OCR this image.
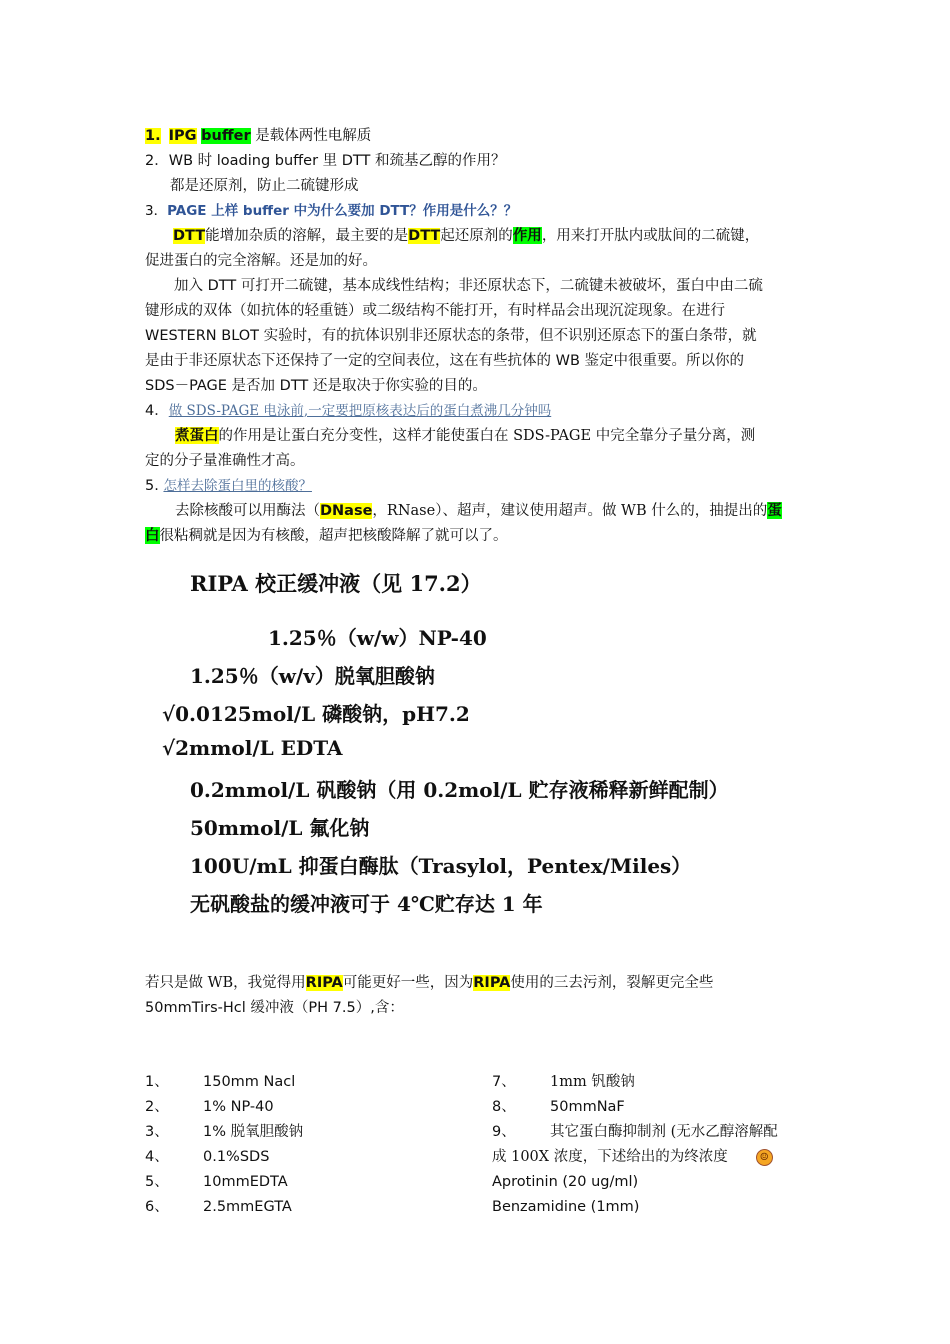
1. IPG buffer 是载体两性电解质
2．WB 时 loading buffer 里 DTT 和巯基乙醇的作用？
都是还原剂，防止二硫键形成
3．PAGE 上样 buffer 中为什么要加 DTT？作用是什么？？
DTT能增加杂质的溶解，最主要的是DTT起还原剂的作用，用来打开肽内或肽间的二硫键，
促进蛋白的完全溶解。还是加的好。
加入 DTT 可打开二硫键，基本成线性结构；非还原状态下，二硫键未被破坏，蛋白中由二硫
键形成的双体（如抗体的轻重链）或二级结构不能打开，有时样品会出现沉淀现象。在进行
WESTERN BLOT 实验时，有的抗体识别非还原状态的条带，但不识别还原态下的蛋白条带，就
是由于非还原状态下还保持了一定的空间表位，这在有些抗体的 WB 鉴定中很重要。所以你的
SDS－PAGE 是否加 DTT 还是取决于你实验的目的。
4．做 SDS-PAGE 电泳前,一定要把原核表达后的蛋白煮沸几分钟吗
煮蛋白的作用是让蛋白充分变性，这样才能使蛋白在 SDS-PAGE 中完全靠分子量分离，测
定的分子量准确性才高。
5. 怎样去除蛋白里的核酸？
去除核酸可以用酶法（DNase，RNase）、超声，建议使用超声。做 WB 什么的，抽提出的蛋
白很粘稠就是因为有核酸，超声把核酸降解了就可以了。
RIPA 校正缓冲液（见 17.2）
1.25％（w/w）NP-40
1.25％（w/v）脱氧胆酸钠
√0.0125mol/L 磷酸钠，pH7.2
√2mmol/L EDTA
0.2mmol/L 矾酸钠（用 0.2mol/L 贮存液稀释新鲜配制）
50mmol/L 氟化钠
100U/mL 抑蛋白酶肽（Trasylol，Pentex/Miles）
无矾酸盐的缓冲液可于 4℃贮存达 1 年
若只是做 WB，我觉得用RIPA可能更好一些，因为RIPA使用的三去污剂，裂解更完全些
50mmTirs-Hcl 缓冲液（PH 7.5）,含：
1、 150mm Nacl
2、 1% NP-40
3、 1% 脱氧胆酸钠
4、 0.1%SDS
5、 10mmEDTA
6、 2.5mmEGTA
7、 1mm 钒酸钠
8、 50mmNaF
9、 其它蛋白酶抑制剂 (无水乙醇溶解配
成 100X 浓度，下述给出的为终浓度	☺
Aprotinin (20 ug/ml)
Benzamidine (1mm)
